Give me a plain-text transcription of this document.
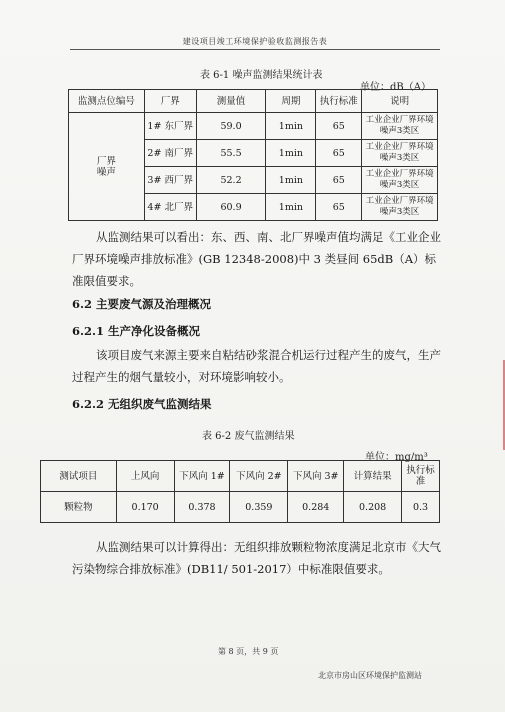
建设项目竣工环境保护验收监测报告表
表 6-1 噪声监测结果统计表
单位：dB（A）
监测点位编号	厂界	测量值	周期	执行标准	说明

厂界噪声	1# 东厂界	59.0	1min	65	工业企业厂界环境噪声3类区
	2# 南厂界	55.5	1min	65	工业企业厂界环境噪声3类区
	3# 西厂界	52.2	1min	65	工业企业厂界环境噪声3类区
	4# 北厂界	60.9	1min	65	工业企业厂界环境噪声3类区
从监测结果可以看出：东、西、南、北厂界噪声值均满足《工业企业厂界环境噪声排放标准》(GB 12348-2008)中 3 类昼间 65dB（A）标准限值要求。
6.2 主要废气源及治理概况
6.2.1 生产净化设备概况
该项目废气来源主要来自粘结砂浆混合机运行过程产生的废气，生产过程产生的烟气量较小，对环境影响较小。
6.2.2 无组织废气监测结果
表 6-2 废气监测结果
单位：mg/m³
测试项目	上风向	下风向 1#	下风向 2#	下风向 3#	计算结果	执行标准
颗粒物	0.170	0.378	0.359	0.284	0.208	0.3
从监测结果可以计算得出：无组织排放颗粒物浓度满足北京市《大气污染物综合排放标准》(DB11/ 501-2017）中标准限值要求。
第 8 页，共 9 页
北京市房山区环境保护监测站
